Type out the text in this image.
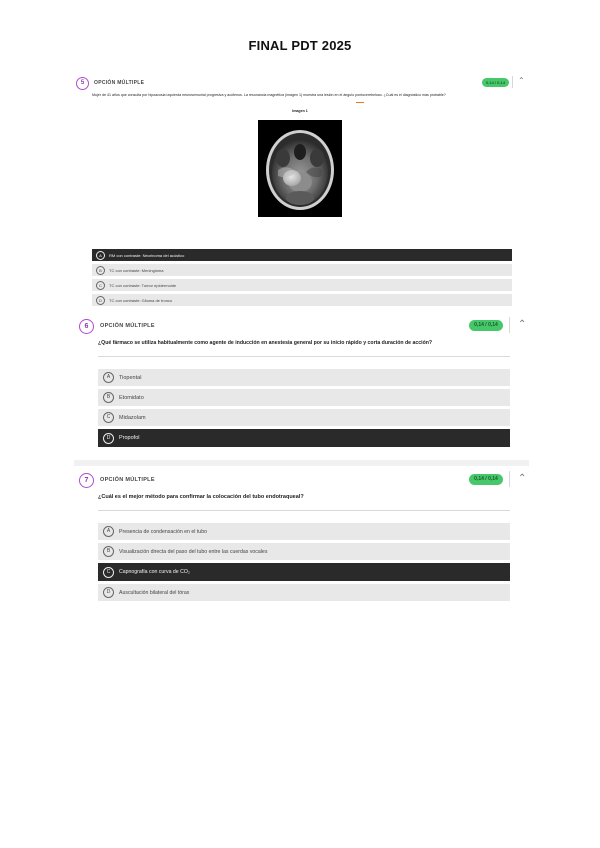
FINAL PDT 2025
5	OPCIÓN MÚLTIPLE	0,14 / 0,14	⌃
Mujer de 41 años que consulta por hipoacusia izquierda neurosensorial progresiva y acúfenos. La resonancia magnética (imagen 1) muestra una lesión en el ángulo pontocerebeloso. ¿Cuál es el diagnóstico más probable?
Imagen 1
A	RM con contraste: Neurinoma del acústico
B	TC con contraste: Meningioma
C	TC con contraste: Tumor epidermoide
D	TC con contraste: Glioma de tronco
6	OPCIÓN MÚLTIPLE	0,14 / 0,14	⌃
¿Qué fármaco se utiliza habitualmente como agente de inducción en anestesia general por su inicio rápido y corta duración de acción?
A	Tiopental
B	Etomidato
C	Midazolam
D	Propofol
7	OPCIÓN MÚLTIPLE	0,14 / 0,14	⌃
¿Cuál es el mejor método para confirmar la colocación del tubo endotraqueal?
A	Presencia de condensación en el tubo
B	Visualización directa del paso del tubo entre las cuerdas vocales
C	Capnografía con curva de CO₂
D	Auscultación bilateral del tórax
